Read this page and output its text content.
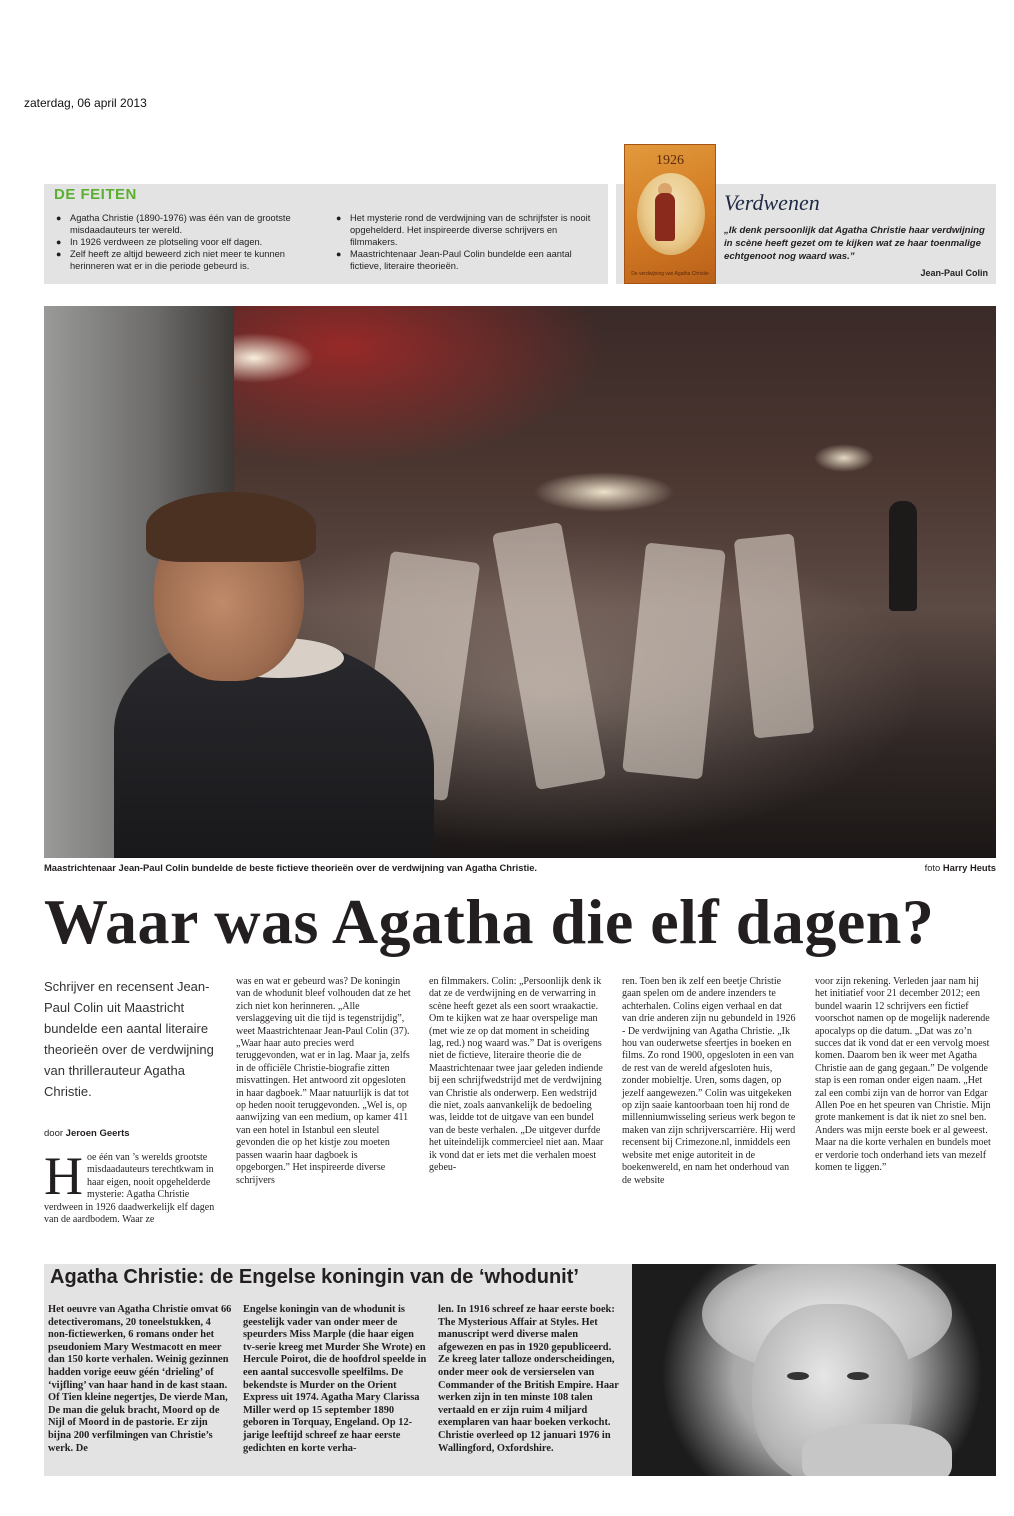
zaterdag, 06 april 2013
DE FEITEN
● Agatha Christie (1890-1976) was één van de grootste misdaadauteurs ter wereld.
● In 1926 verdween ze plotseling voor elf dagen.
● Zelf heeft ze altijd beweerd zich niet meer te kunnen herinneren wat er in die periode gebeurd is.
● Het mysterie rond de verdwijning van de schrijfster is nooit opgehelderd. Het inspireerde diverse schrijvers en filmmakers.
● Maastrichtenaar Jean-Paul Colin bundelde een aantal fictieve, literaire theorieën.
1926
De verdwijning van Agatha Christie
Verdwenen
„Ik denk persoonlijk dat Agatha Christie haar verdwijning in scène heeft gezet om te kijken wat ze haar toenmalige echtgenoot nog waard was.”
Jean-Paul Colin
Maastrichtenaar Jean-Paul Colin bundelde de beste fictieve theorieën over de verdwijning van Agatha Christie.	foto Harry Heuts
Waar was Agatha die elf dagen?
Schrijver en recensent Jean-Paul Colin uit Maastricht bundelde een aantal literaire theorieën over de verdwijning van thrillerauteur Agatha Christie.
door Jeroen Geerts
H oe één van ’s werelds grootste misdaadauteurs terechtkwam in haar eigen, nooit opgehelderde mysterie: Agatha Christie verdween in 1926 daadwerkelijk elf dagen van de aardbodem. Waar ze
was en wat er gebeurd was? De koningin van de whodunit bleef volhouden dat ze het zich niet kon herinneren. „Alle verslaggeving uit die tijd is tegenstrijdig”, weet Maastrichtenaar Jean-Paul Colin (37). „Waar haar auto precies werd teruggevonden, wat er in lag. Maar ja, zelfs in de officiële Christie-biografie zitten misvattingen. Het antwoord zit opgesloten in haar dagboek.” Maar natuurlijk is dat tot op heden nooit teruggevonden. „Wel is, op aanwijzing van een medium, op kamer 411 van een hotel in Istanbul een sleutel gevonden die op het kistje zou moeten passen waarin haar dagboek is opgeborgen.” Het inspireerde diverse schrijvers
en filmmakers. Colin: „Persoonlijk denk ik dat ze de verdwijning en de verwarring in scène heeft gezet als een soort wraakactie. Om te kijken wat ze haar overspelige man (met wie ze op dat moment in scheiding lag, red.) nog waard was.” Dat is overigens niet de fictieve, literaire theorie die de Maastrichtenaar twee jaar geleden indiende bij een schrijfwedstrijd met de verdwijning van Christie als onderwerp. Een wedstrijd die niet, zoals aanvankelijk de bedoeling was, leidde tot de uitgave van een bundel van de beste verhalen. „De uitgever durfde het uiteindelijk commercieel niet aan. Maar ik vond dat er iets met die verhalen moest gebeu-
ren. Toen ben ik zelf een beetje Christie gaan spelen om de andere inzenders te achterhalen. Colins eigen verhaal en dat van drie anderen zijn nu gebundeld in 1926 - De verdwijning van Agatha Christie. „Ik hou van ouderwetse sfeertjes in boeken en films. Zo rond 1900, opgesloten in een van de rest van de wereld afgesloten huis, zonder mobieltje. Uren, soms dagen, op jezelf aangewezen.” Colin was uitgekeken op zijn saaie kantoorbaan toen hij rond de millenniumwisseling serieus werk begon te maken van zijn schrijverscarrière. Hij werd recensent bij Crimezone.nl, inmiddels een website met enige autoriteit in de boekenwereld, en nam het onderhoud van de website
voor zijn rekening. Verleden jaar nam hij het initiatief voor 21 december 2012; een bundel waarin 12 schrijvers een fictief voorschot namen op de mogelijk naderende apocalyps op die datum. „Dat was zo’n succes dat ik vond dat er een vervolg moest komen. Daarom ben ik weer met Agatha Christie aan de gang gegaan.” De volgende stap is een roman onder eigen naam. „Het zal een combi zijn van de horror van Edgar Allen Poe en het speuren van Christie. Mijn grote mankement is dat ik niet zo snel ben. Anders was mijn eerste boek er al geweest. Maar na die korte verhalen en bundels moet er verdorie toch onderhand iets van mezelf komen te liggen.”
Agatha Christie: de Engelse koningin van de ‘whodunit’
Het oeuvre van Agatha Christie omvat 66 detectiveromans, 20 toneelstukken, 4 non-fictiewerken, 6 romans onder het pseudoniem Mary Westmacott en meer dan 150 korte verhalen. Weinig gezinnen hadden vorige eeuw géén ‘drieling’ of ‘vijfling’ van haar hand in de kast staan. Of Tien kleine negertjes, De vierde Man, De man die geluk bracht, Moord op de Nijl of Moord in de pastorie. Er zijn bijna 200 verfilmingen van Christie’s werk. De
Engelse koningin van de whodunit is geestelijk vader van onder meer de speurders Miss Marple (die haar eigen tv-serie kreeg met Murder She Wrote) en Hercule Poirot, die de hoofdrol speelde in een aantal succesvolle speelfilms. De bekendste is Murder on the Orient Express uit 1974. Agatha Mary Clarissa Miller werd op 15 september 1890 geboren in Torquay, Engeland. Op 12-jarige leeftijd schreef ze haar eerste gedichten en korte verha-
len. In 1916 schreef ze haar eerste boek: The Mysterious Affair at Styles. Het manuscript werd diverse malen afgewezen en pas in 1920 gepubliceerd. Ze kreeg later talloze onderscheidingen, onder meer ook de versierselen van Commander of the British Empire. Haar werken zijn in ten minste 108 talen vertaald en er zijn ruim 4 miljard exemplaren van haar boeken verkocht. Christie overleed op 12 januari 1976 in Wallingford, Oxfordshire.
